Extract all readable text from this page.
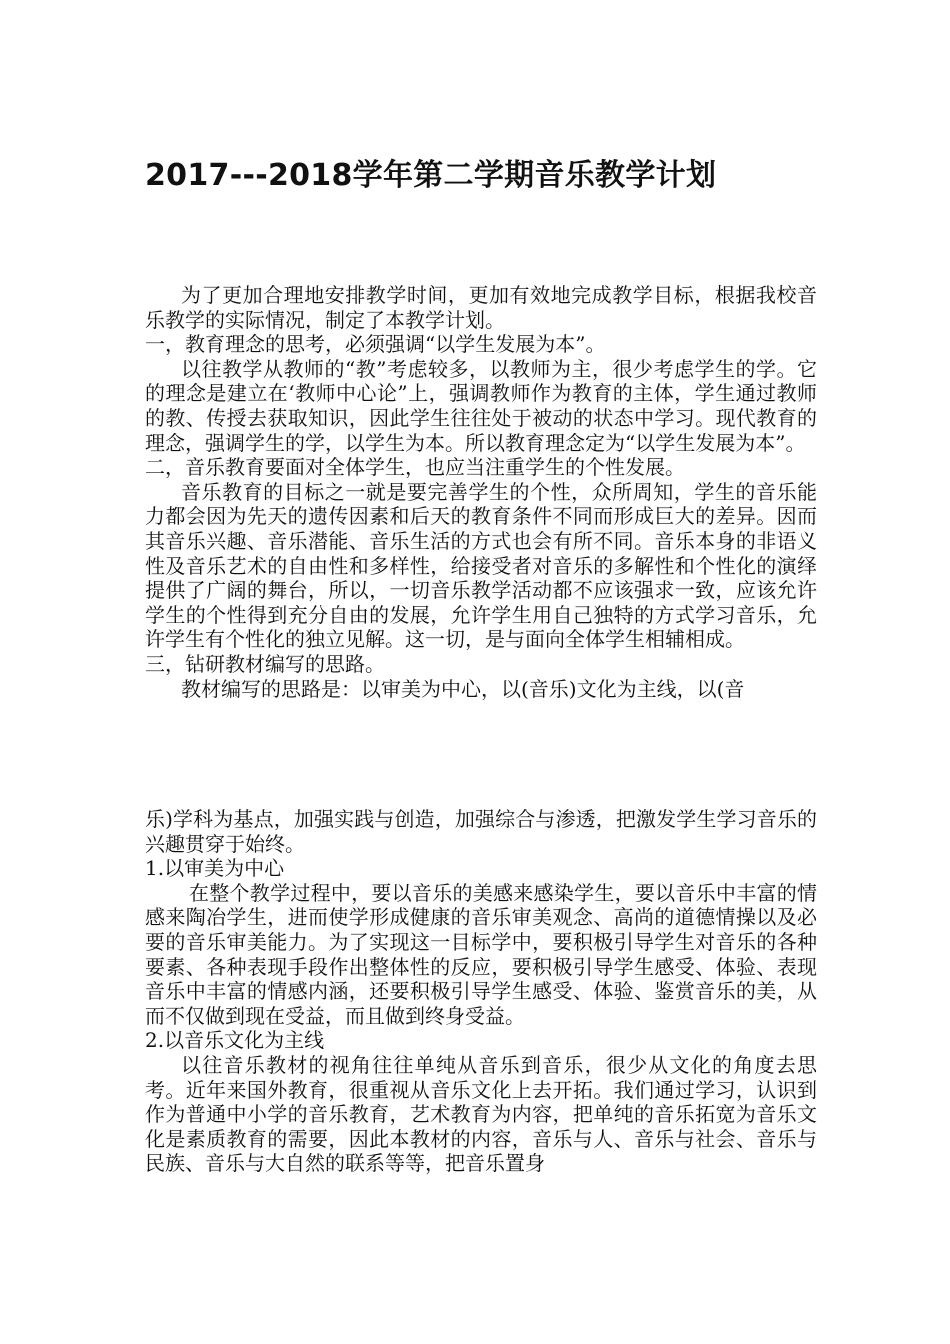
2017---2018学年第二学期音乐教学计划

为了更加合理地安排教学时间，更加有效地完成教学目标，根据我校音乐教学的实际情况，制定了本教学计划。

一，教育理念的思考，必须强调“以学生发展为本”。

以往教学从教师的“教”考虑较多，以教师为主，很少考虑学生的学。它的理念是建立在‘教师中心论”上，强调教师作为教育的主体，学生通过教师的教、传授去获取知识，因此学生往往处于被动的状态中学习。现代教育的理念，强调学生的学，以学生为本。所以教育理念定为“以学生发展为本”。

二，音乐教育要面对全体学生，也应当注重学生的个性发展。

音乐教育的目标之一就是要完善学生的个性，众所周知，学生的音乐能力都会因为先天的遗传因素和后天的教育条件不同而形成巨大的差异。因而其音乐兴趣、音乐潜能、音乐生活的方式也会有所不同。音乐本身的非语义性及音乐艺术的自由性和多样性，给接受者对音乐的多解性和个性化的演绎提供了广阔的舞台，所以，一切音乐教学活动都不应该强求一致，应该允许学生的个性得到充分自由的发展，允许学生用自己独特的方式学习音乐，允许学生有个性化的独立见解。这一切，是与面向全体学生相辅相成。

三，钻研教材编写的思路。

教材编写的思路是：以审美为中心，以(音乐)文化为主线，以(音

乐)学科为基点，加强实践与创造，加强综合与渗透，把激发学生学习音乐的兴趣贯穿于始终。

1.以审美为中心

在整个教学过程中，要以音乐的美感来感染学生，要以音乐中丰富的情感来陶冶学生，进而使学形成健康的音乐审美观念、高尚的道德情操以及必要的音乐审美能力。为了实现这一目标学中，要积极引导学生对音乐的各种要素、各种表现手段作出整体性的反应，要积极引导学生感受、体验、表现音乐中丰富的情感内涵，还要积极引导学生感受、体验、鉴赏音乐的美，从而不仅做到现在受益，而且做到终身受益。

2.以音乐文化为主线

以往音乐教材的视角往往单纯从音乐到音乐，很少从文化的角度去思考。近年来国外教育，很重视从音乐文化上去开拓。我们通过学习，认识到作为普通中小学的音乐教育，艺术教育为内容，把单纯的音乐拓宽为音乐文化是素质教育的需要，因此本教材的内容，音乐与人、音乐与社会、音乐与民族、音乐与大自然的联系等等，把音乐置身
